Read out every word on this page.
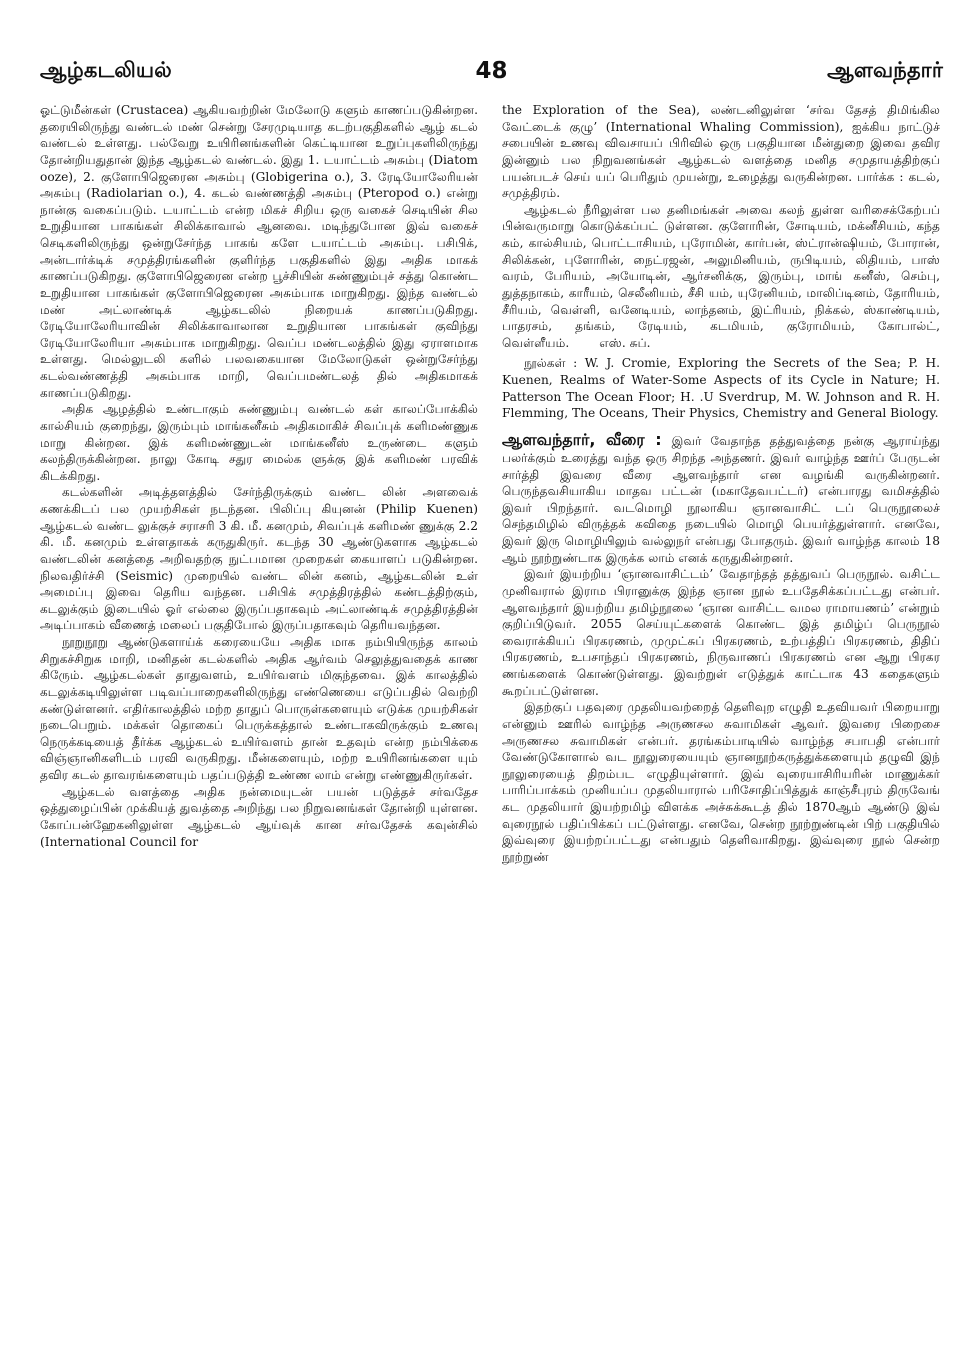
ஆழ்கடலியல்	48	ஆளவந்தார்

ஓட்டுமீன்கள் (Crustacea) ஆகியவற்றின் மேலோடு களும் காணப்படுகின்றன. தரையிலிருந்து வண்டல் மண் சென்று சேரமுடியாத கடற்பகுதிகளில் ஆழ் கடல் வண்டல் உள்ளது. பல்வேறு உயிரினங்களின் கெட்டியான உறுப்புகளிலிருந்து தோன்றியதுதான் இந்த ஆழ்கடல் வண்டல். இது 1. டயாட்டம் அசும்பு (Diatom ooze), 2. குளோபிஜெரைன அசும்பு (Globigerina o.), 3. ரேடியோலேரியன் அசும்பு (Radiolarian o.), 4. கடல் வண்ணத்தி அசும்பு (Pteropod o.) என்று நான்கு வகைப்படும். டயாட்டம் என்ற மிகச் சிறிய ஒரு வகைச் செடியின் சில உறுதியான பாகங்கள் சிலிக்காவால் ஆனவை. மடிந்துபோன இவ் வகைச் செடிகளிலிருந்து ஒன்றுசேர்ந்த பாகங் களே டயாட்டம் அசும்பு. பசிபிக், அன்டார்க்டிக் சமுத்திரங்களின் குளிர்ந்த பகுதிகளில் இது அதிக மாகக் காணப்படுகிறது. குளோபிஜெரைன என்ற பூச்சியின் சுண்ணும்புச் சத்து கொண்ட உறுதியான பாகங்கள் குளோபிஜெரைன அசும்பாக மாறுகிறது. இந்த வண்டல் மண் அட்லாண்டிக் ஆழ்கடலில் நிறையக் காணப்படுகிறது. ரேடியோலேரியாவின் சிலிக்காவாலான உறுதியான பாகங்கள் குவிந்து ரேடியோலேரியா அசும்பாக மாறுகிறது. வெப்ப மண்டலத்தில் இது ஏராளமாக உள்ளது. மெல்லுடலி களில் பலவகையான மேலோடுகள் ஒன்றுசேர்ந்து கடல்வண்ணத்தி அசும்பாக மாறி, வெப்பமண்டலத் தில் அதிகமாகக் காணப்படுகிறது.

அதிக ஆழத்தில் உண்டாகும் சுண்ணும்பு வண்டல் கள் காலப்போக்கில் கால்சியம் குறைந்து, இரும்பும் மாங்கனீசும் அதிகமாகிச் சிவப்புக் களிமண்ணுக மாறு கின்றன. இக் களிமண்ணுடன் மாங்கனீஸ் உருண்டை களும் கலந்திருக்கின்றன. நாலு கோடி சதுர மைல்க ளுக்கு இக் களிமண் பரவிக் கிடக்கிறது.

கடல்களின் அடித்தளத்தில் சேர்ந்திருக்கும் வண்ட லின் அளவைக் கணக்கிடப் பல முயற்சிகள் நடந்தன. பிலிப்பு கியுனன் (Philip Kuenen) ஆழ்கடல் வண்ட லுக்குச் சராசரி 3 கி. மீ. கனமும், சிவப்புக் களிமண் ணுக்கு 2.2 கி. மீ. கனமும் உள்ளதாகக் கருதுகிருர். கடந்த 30 ஆண்டுகளாக ஆழ்கடல் வண்டலின் கனத்தை அறிவதற்கு நுட்பமான முறைகள் கையாளப் படுகின்றன. நிலவதிர்ச்சி (Seismic) முறையில் வண்ட லின் கனம், ஆழ்கடலின் உள் அமைப்பு இவை தெரிய வந்தன. பசிபிக் சமுத்திரத்தில் கண்டத்திற்கும், கடலுக்கும் இடையில் ஓர் எல்லை இருப்பதாகவும் அட்லாண்டிக் சமுத்திரத்தின் அடிப்பாகம் வீணைத் மலைப் பகுதிபோல் இருப்பதாகவும் தெரியவந்தன.

நூறுநூறு ஆண்டுகளாய்க் கரையையே அதிக மாக நம்பியிருந்த காலம் சிறுகச்சிறுக மாறி, மனிதன் கடல்களில் அதிக ஆர்வம் செலுத்துவதைக் காண கிருேம். ஆழ்கடல்கள் தாதுவளம், உயிர்வளம் மிகுந்தவை. இக் காலத்தில் கடலுக்கடியிலுள்ள படிவப்பாறைகளிலிருந்து எண்ணெயை எடுப்பதில் வெற்றி கண்டுள்ளனர். எதிர்காலத்தில் மற்ற தாதுப் பொருள்களையும் எடுக்க முயற்சிகள் நடைபெறும். மக்கள் தொகைப் பெருக்கத்தால் உண்டாகவிருக்கும் உணவு நெருக்கடியைத் தீர்க்க ஆழ்கடல் உயிர்வளம் தான் உதவும் என்ற நம்பிக்கை விஞ்ஞானிகளிடம் பரவி வருகிறது. மீன்களையும், மற்ற உயிரினங்களை யும் தவிர கடல் தாவரங்களையும் பதப்படுத்தி உண்ண லாம் என்று எண்ணுகிருர்கள்.

ஆழ்கடல் வளத்தை அதிக நன்மையுடன் பயன் படுத்தச் சர்வதேச ஒத்துழைப்பின் முக்கியத் துவத்தை அறிந்து பல நிறுவனங்கள் தோன்றி யுள்ளன. கோப்பன்ஹேகனிலுள்ள ஆழ்கடல் ஆய்வுக் கான சர்வதேசக் கவுன்சில் (International Council for

the Exploration of the Sea), லண்டனிலுள்ள ‘சர்வ தேசத் திமிங்கில வேட்டைக் குழு’ (International Whaling Commission), ஐக்கிய நாட்டுச் சபையின் உணவு விவசாயப் பிரிவில் ஒரு பகுதியான மீன்துறை இவை தவிர இன்னும் பல நிறுவனங்கள் ஆழ்கடல் வளத்தை மனித சமுதாயத்திற்குப் பயன்படச் செய் யப் பெரிதும் முயன்று, உழைத்து வருகின்றன. பார்க்க : கடல், சமுத்திரம்.

ஆழ்கடல் நீரிலுள்ள பல தனிமங்கள் அவை கலந் துள்ள வரிசைக்கேற்பப் பின்வருமாறு கொடுக்கப்பட் டுள்ளன. குளோரின், சோடியம், மக்னீசியம், கந்த கம், கால்சியம், பொட்டாசியம், புரோமின், கார்பன், ஸ்ட்ரான்ஷியம், போரான், சிலிக்கன், புளோரின், நைட்ரஜன், அலுமினியம், ருபிடியம், லிதியம், பாஸ் வரம், பேரியம், அயோடின், ஆர்சனிக்கு, இரும்பு, மாங் கனீஸ், செம்பு, துத்தநாகம், காரீயம், செலீனியம், சீசி யம், யுரேனியம், மாலிப்டினம், தோரியம், சீரியம், வெள்ளி, வனேடியம், லாந்தனம், இட்ரியம், நிக்கல், ஸ்காண்டியம், பாதரசம், தங்கம், ரேடியம், கடமியம், குரோமியம், கோபால்ட், வெள்ளீயம். எஸ். சுப்.

நூல்கள் : W. J. Cromie, Exploring the Secrets of the Sea; P. H. Kuenen, Realms of Water-Some Aspects of its Cycle in Nature; H. Patterson The Ocean Floor; H. .U Sverdrup, M. W. Johnson and R. H. Flemming, The Oceans, Their Physics, Chemistry and General Biology.

ஆளவந்தார், வீரை : இவர் வேதாந்த தத்துவத்தை நன்கு ஆராய்ந்து பலர்க்கும் உரைத்து வந்த ஒரு சிறந்த அந்தணர். இவர் வாழ்ந்த ஊர்ப் பேருடன் சார்த்தி இவரை வீரை ஆளவந்தார் என வழங்கி வருகின்றனர். பெருந்தவசியாகிய மாதவ பட்டன் (மகாதேவபட்டர்) என்பாரது வமிசத்தில் இவர் பிறந்தார். வடமொழி நூலாகிய ஞானவாசிட் டப் பெருநூலைச் செந்தமிழில் விருத்தக் கவிதை நடையில் மொழி பெயர்த்துள்ளார். எனவே, இவர் இரு மொழியிலும் வல்லுநர் என்பது போதரும். இவர் வாழ்ந்த காலம் 18 ஆம் நூற்றுண்டாக இருக்க லாம் எனக் கருதுகின்றனர்.

இவர் இயற்றிய ‘ஞானவாசிட்டம்’ வேதாந்தத் தத்துவப் பெருநூல். வசிட்ட முனிவரால் இராம பிரானுக்கு இந்த ஞான நூல் உபதேசிக்கப்பட்டது என்பர். ஆளவந்தார் இயற்றிய தமிழ்நூலை ‘ஞான வாசிட்ட வமல ராமாயணம்’ என்றும் குறிப்பிடுவர். 2055 செய்யுட்களைக் கொண்ட இத் தமிழ்ப் பெருநூல் வைராக்கியப் பிரகரணம், முமுட்சுப் பிரகரணம், உற்பத்திப் பிரகரணம், திதிப் பிரகரணம், உபசாந்தப் பிரகரணம், நிருவாணப் பிரகரணம் என ஆறு பிரகர ணங்களைக் கொண்டுள்ளது. இவற்றுள் எடுத்துக் காட்டாக 43 கதைகளும் கூறப்பட்டுள்ளன.

இதற்குப் பதவுரை முதலியவற்றைத் தெளிவுற எழுதி உதவியவர் பிறையாறு என்னும் ஊரில் வாழ்ந்த அருணசல சுவாமிகள் ஆவர். இவரை பிறைசை அருணசல சுவாமிகள் என்பர். தரங்கம்பாடியில் வாழ்ந்த சபாபதி என்பார் வேண்டுகோளால் வட நூலுரையையும் ஞானநூற்கருத்துக்களையும் தழுவி இந் நூலுரையைத் திறம்பட எழுதியுள்ளார். இவ் வுரையாசிரியரின் மாணுக்கர் பாரிப்பாக்கம் முனியப்ப முதலியாரால் பரிசோதிப்பித்துக் காஞ்சீபுரம் திருவேங் கட முதலியார் இயற்றமிழ் விளக்க அச்சுக்கூடத் தில் 1870ஆம் ஆண்டு இவ் வுரைநூல் பதிப்பிக்கப் பட்டுள்ளது. எனவே, சென்ற நூற்றுண்டின் பிற் பகுதியில் இவ்வுரை இயற்றப்பட்டது என்பதும் தெளிவாகிறது. இவ்வுரை நூல் சென்ற நூற்றுண்
